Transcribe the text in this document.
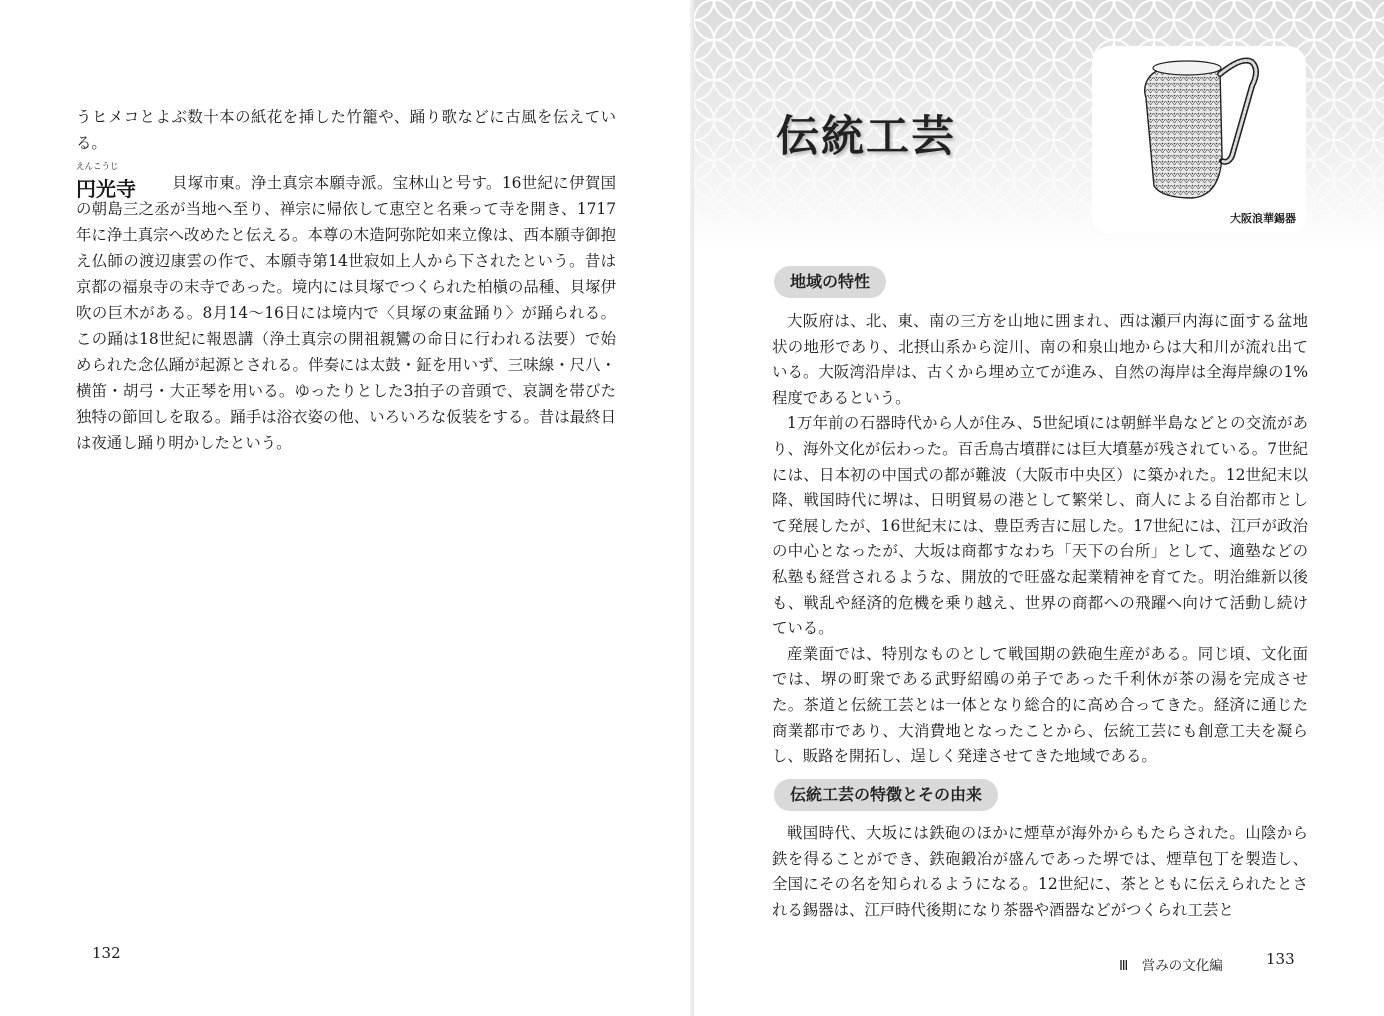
うヒメコとよぶ数十本の紙花を挿した竹籠や、踊り歌などに古風を伝えている。

えんこうじ
円光寺	貝塚市東。浄土真宗本願寺派。宝林山と号す。16世紀に伊賀国の朝島三之丞が当地へ至り、禅宗に帰依して恵空と名乗って寺を開き、1717年に浄土真宗へ改めたと伝える。本尊の木造阿弥陀如来立像は、西本願寺御抱え仏師の渡辺康雲の作で、本願寺第14世寂如上人から下されたという。昔は京都の福泉寺の末寺であった。境内には貝塚でつくられた柏槇の品種、貝塚伊吹の巨木がある。8月14～16日には境内で〈貝塚の東盆踊り〉が踊られる。この踊は18世紀に報恩講（浄土真宗の開祖親鸞の命日に行われる法要）で始められた念仏踊が起源とされる。伴奏には太鼓・鉦を用いず、三味線・尺八・横笛・胡弓・大正琴を用いる。ゆったりとした3拍子の音頭で、哀調を帯びた独特の節回しを取る。踊手は浴衣姿の他、いろいろな仮装をする。昔は最終日は夜通し踊り明かしたという。

132
伝統工芸
大阪浪華錫器
地域の特性

大阪府は、北、東、南の三方を山地に囲まれ、西は瀬戸内海に面する盆地状の地形であり、北摂山系から淀川、南の和泉山地からは大和川が流れ出ている。大阪湾沿岸は、古くから埋め立てが進み、自然の海岸は全海岸線の1%程度であるという。

1万年前の石器時代から人が住み、5世紀頃には朝鮮半島などとの交流があり、海外文化が伝わった。百舌鳥古墳群には巨大墳墓が残されている。7世紀には、日本初の中国式の都が難波（大阪市中央区）に築かれた。12世紀末以降、戦国時代に堺は、日明貿易の港として繁栄し、商人による自治都市として発展したが、16世紀末には、豊臣秀吉に屈した。17世紀には、江戸が政治の中心となったが、大坂は商都すなわち「天下の台所」として、適塾などの私塾も経営されるような、開放的で旺盛な起業精神を育てた。明治維新以後も、戦乱や経済的危機を乗り越え、世界の商都への飛躍へ向けて活動し続けている。

産業面では、特別なものとして戦国期の鉄砲生産がある。同じ頃、文化面では、堺の町衆である武野紹鴎の弟子であった千利休が茶の湯を完成させた。茶道と伝統工芸とは一体となり総合的に高め合ってきた。経済に通じた商業都市であり、大消費地となったことから、伝統工芸にも創意工夫を凝らし、販路を開拓し、逞しく発達させてきた地域である。

伝統工芸の特徴とその由来

戦国時代、大坂には鉄砲のほかに煙草が海外からもたらされた。山陰から鉄を得ることができ、鉄砲鍛冶が盛んであった堺では、煙草包丁を製造し、全国にその名を知られるようになる。12世紀に、茶とともに伝えられたとされる錫器は、江戸時代後期になり茶器や酒器などがつくられ工芸と

Ⅲ　営みの文化編	133
